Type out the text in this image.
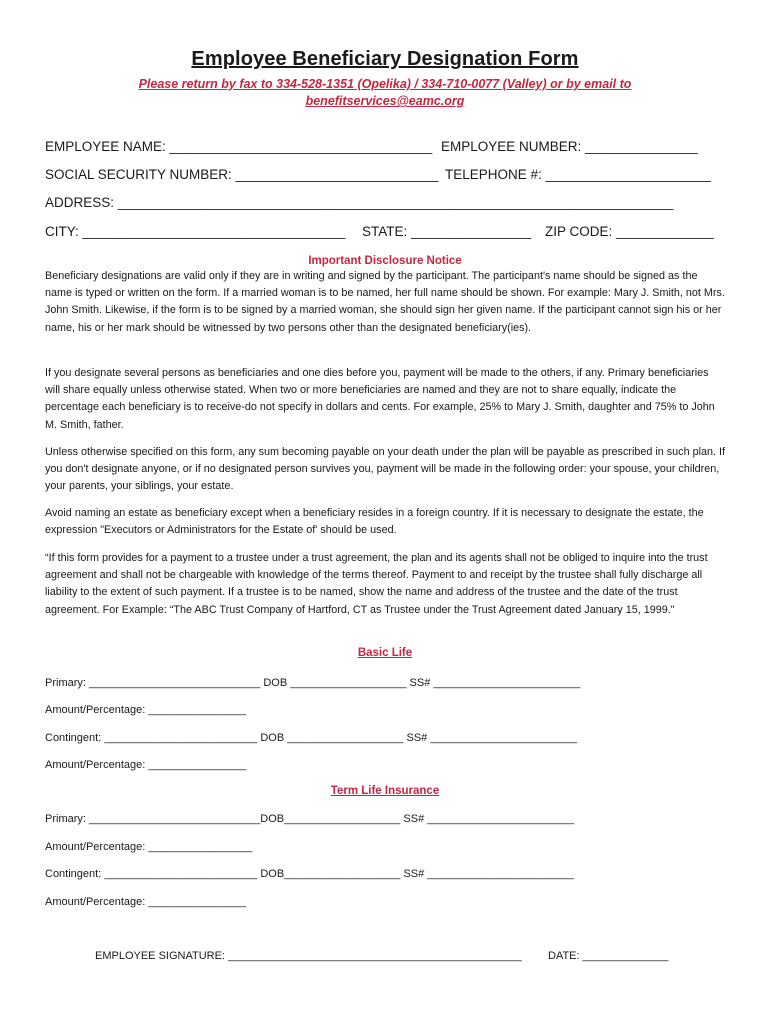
Employee Beneficiary Designation Form
Please return by fax to 334-528-1351 (Opelika) / 334-710-0077 (Valley) or by email to
benefitservices@eamc.org
EMPLOYEE NAME: ___________________________________ EMPLOYEE NUMBER: _______________
SOCIAL SECURITY NUMBER: ___________________________ TELEPHONE #: ______________________
ADDRESS: __________________________________________________________________________
CITY: ___________________________________ STATE: ________________ ZIP CODE: _____________
Important Disclosure Notice
Beneficiary designations are valid only if they are in writing and signed by the participant. The participant's name should be signed as the name is typed or written on the form. If a married woman is to be named, her full name should be shown. For example: Mary J. Smith, not Mrs. John Smith. Likewise, if the form is to be signed by a married woman, she should sign her given name. If the participant cannot sign his or her name, his or her mark should be witnessed by two persons other than the designated beneficiary(ies).
If you designate several persons as beneficiaries and one dies before you, payment will be made to the others, if any. Primary beneficiaries will share equally unless otherwise stated. When two or more beneficiaries are named and they are not to share equally, indicate the percentage each beneficiary is to receive-do not specify in dollars and cents. For example, 25% to Mary J. Smith, daughter and 75% to John M. Smith, father.
Unless otherwise specified on this form, any sum becoming payable on your death under the plan will be payable as prescribed in such plan. If you don't designate anyone, or if no designated person survives you, payment will be made in the following order: your spouse, your children, your parents, your siblings, your estate.
Avoid naming an estate as beneficiary except when a beneficiary resides in a foreign country. If it is necessary to designate the estate, the expression "Executors or Administrators for the Estate of' should be used.
“If this form provides for a payment to a trustee under a trust agreement, the plan and its agents shall not be obliged to inquire into the trust agreement and shall not be chargeable with knowledge of the terms thereof. Payment to and receipt by the trustee shall fully discharge all liability to the extent of such payment. If a trustee is to be named, show the name and address of the trustee and the date of the trust agreement. For Example: “The ABC Trust Company of Hartford, CT as Trustee under the Trust Agreement dated January 15, 1999."
Basic Life
Primary: ____________________________ DOB ___________________ SS# ________________________
Amount/Percentage: ________________
Contingent: _________________________ DOB ___________________ SS# ________________________
Amount/Percentage: ________________
Term Life Insurance
Primary: ____________________________DOB___________________ SS# ________________________
Amount/Percentage: _________________
Contingent: _________________________ DOB___________________ SS# ________________________
Amount/Percentage: ________________
EMPLOYEE SIGNATURE: ________________________________________________ DATE: ______________
